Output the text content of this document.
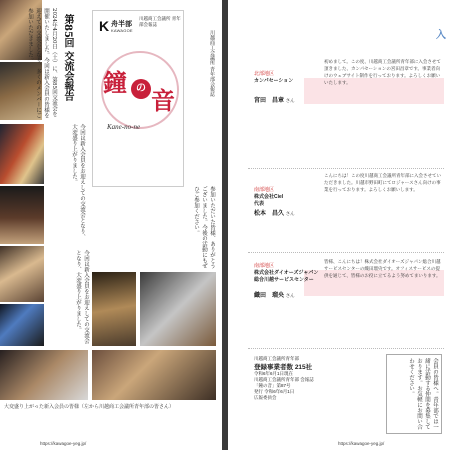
2024年4月20日（土）に、第85回交流会を開催いたしました。今回は新入会員の皆様を迎えての交流会となり、多くのメンバーにご参加いただきました。	第85回 交流会報告 K 舟半部
KAWAGOE
川越商工会議所 青年部会報誌
鐘 の 音
Kane-no-ne
川越商工会議所 青年部会報誌
今回は新入会員をお迎えしての交流会となり、大変盛り上がりました。
参加いただいた皆様、ありがとうございました。今後の活動にもぜひご参加ください。
今回は新入会員をお迎えしての交流会となり、大変盛り上がりました。
大変盛り上がった新入会員の皆様（左から川越商工会議所青年部の皆さん）
https://kawagoe-yeg.jp/
入
北部地区
カンパセーション
宮田　昌章 さん
初めまして。この度、川越商工会議所青年部に入会させて頂きました、カンパセーションの宮田昌章です。事業者向けのウェブサイト制作を行っております。よろしくお願いいたします。
南部地区
株式会社Ciel
代表
松本　昌久 さん
こんにちは！この度川越商工会議所青年部に入会させていただきました。川越市野田町にてロジャースさん向けの事業を行っております。よろしくお願いします。
南部地区
株式会社ダイオーズジャパン 総合川越サービスセンター
織田　瑠央 さん
皆様、こんにちは！株式会社ダイオーズジャパン総合川越サービスセンターの織田瑠央です。オフィスサービスの提供を通じて、皆様のお役に立てるよう努めてまいります。
川越商工会議所青年部
登録事業者数 215社
令和6年6月1日現在
川越商工会議所青年部 会報誌
「鐘の音」第87号
発行 令和6年6月1日
広報委員会	会員の皆様へ。青年部では一緒に活動する仲間を募集しております。お気軽にお問い合わせください。
https://kawagoe-yeg.jp/
